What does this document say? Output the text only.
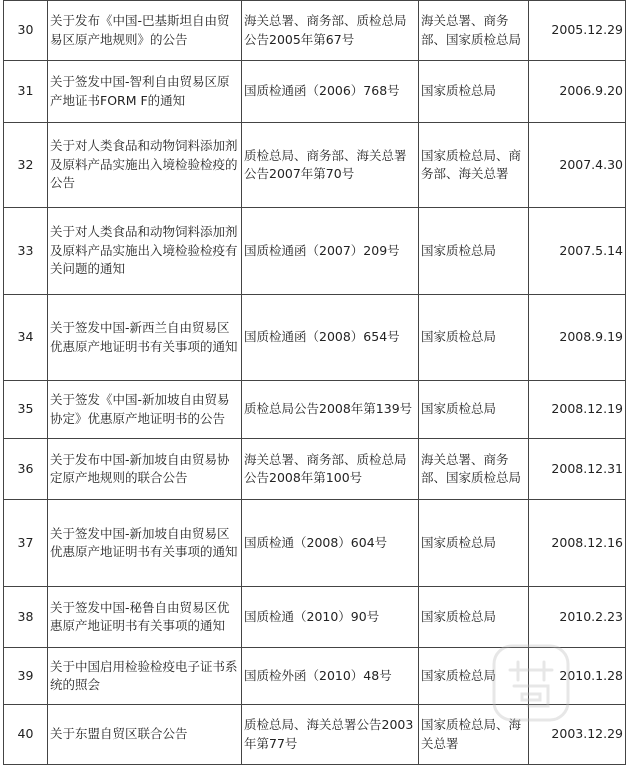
30	关于发布《中国-巴基斯坦自由贸易区原产地规则》的公告	海关总署、商务部、质检总局公告2005年第67号	海关总署、商务部、国家质检总局	2005.12.29
31	关于签发中国-智利自由贸易区原产地证书FORM F的通知	国质检通函（2006）768号	国家质检总局	2006.9.20
32	关于对人类食品和动物饲料添加剂及原料产品实施出入境检验检疫的公告	质检总局、商务部、海关总署公告2007年第70号	国家质检总局、商务部、海关总署	2007.4.30
33	关于对人类食品和动物饲料添加剂及原料产品实施出入境检验检疫有关问题的通知	国质检通函（2007）209号	国家质检总局	2007.5.14
34	关于签发中国-新西兰自由贸易区优惠原产地证明书有关事项的通知	国质检通函（2008）654号	国家质检总局	2008.9.19
35	关于签发《中国-新加坡自由贸易协定》优惠原产地证明书的公告	质检总局公告2008年第139号	国家质检总局	2008.12.19
36	关于发布中国-新加坡自由贸易协定原产地规则的联合公告	海关总署、商务部、质检总局公告2008年第100号	海关总署、商务部、国家质检总局	2008.12.31
37	关于签发中国-新加坡自由贸易区优惠原产地证明书有关事项的通知	国质检通（2008）604号	国家质检总局	2008.12.16
38	关于签发中国-秘鲁自由贸易区优惠原产地证明书有关事项的通知	国质检通（2010）90号	国家质检总局	2010.2.23
39	关于中国启用检验检疫电子证书系统的照会	国质检外函（2010）48号	国家质检总局	2010.1.28
40	关于东盟自贸区联合公告	质检总局、海关总署公告2003年第77号	国家质检总局、海关总署	2003.12.29
